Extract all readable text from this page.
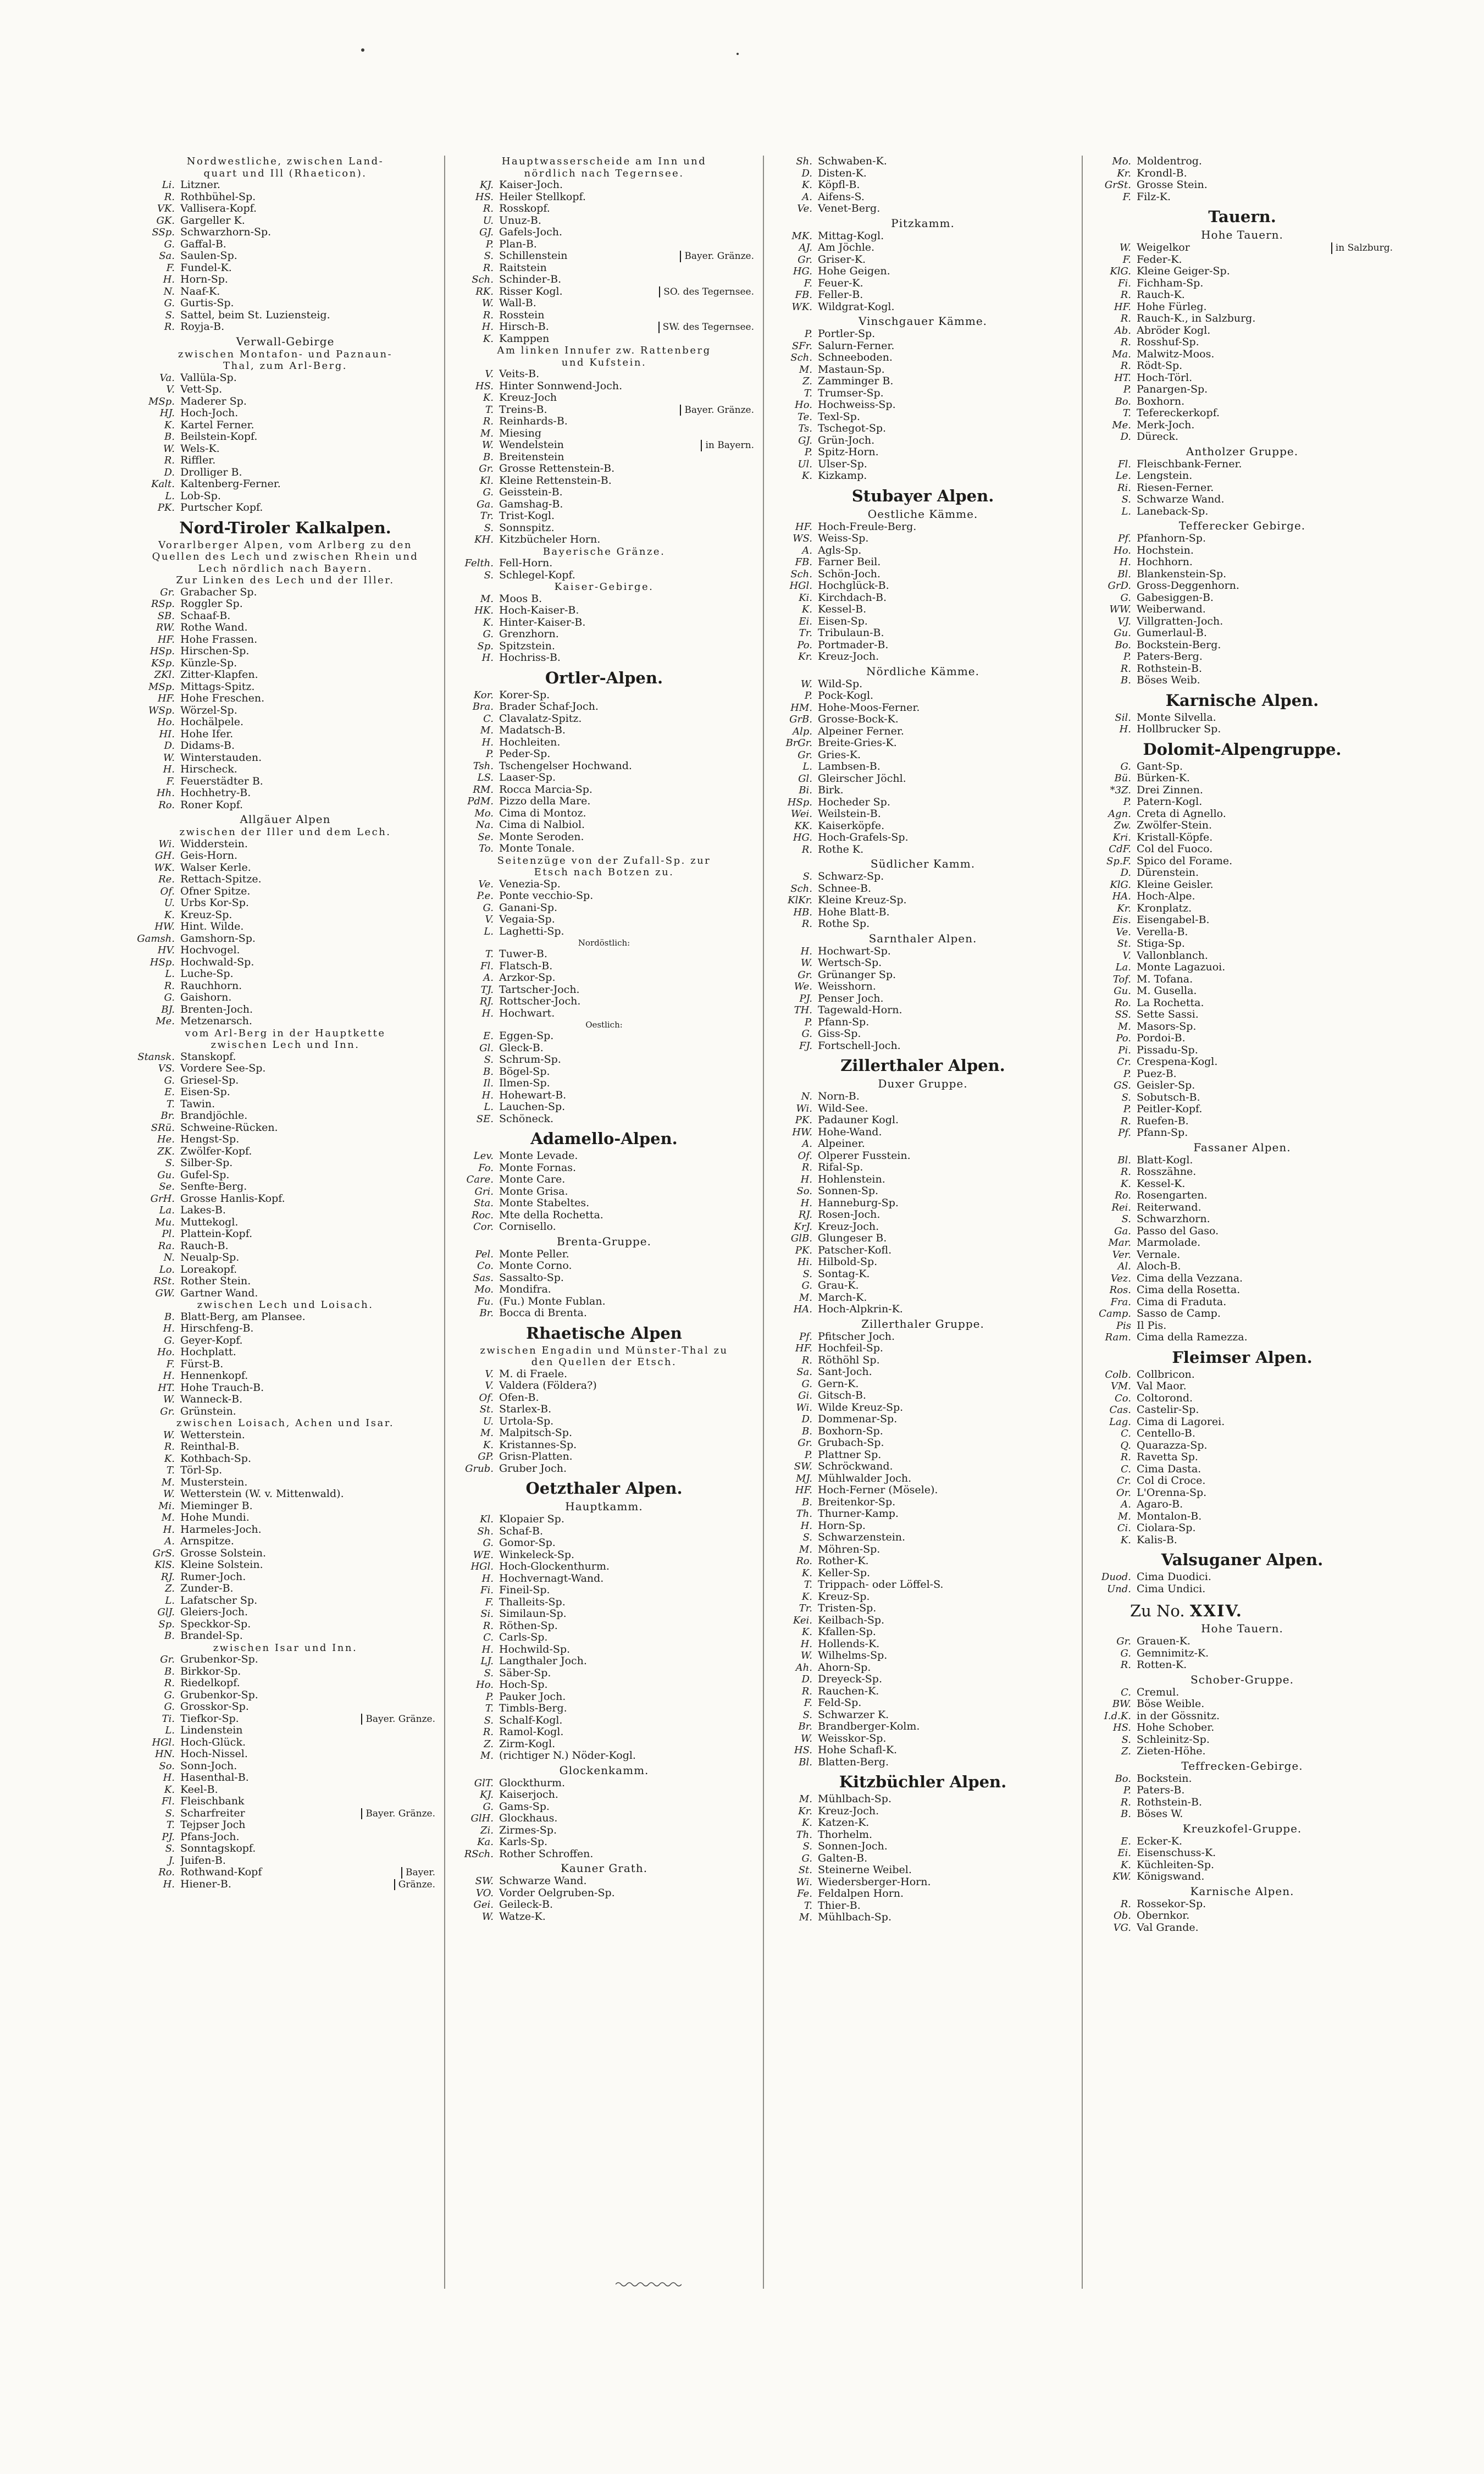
Nordwestliche, zwischen Land-
quart und Ill (Rhaeticon).
Li. Litzner.
R. Rothbühel-Sp.
VK. Vallisera-Kopf.
GK. Gargeller K.
SSp. Schwarzhorn-Sp.
G. Gaffal-B.
Sa. Saulen-Sp.
F. Fundel-K.
H. Horn-Sp.
N. Naaf-K.
G. Gurtis-Sp.
S. Sattel, beim St. Luziensteig.
R. Royja-B.
Verwall-Gebirge
zwischen Montafon- und Paznaun-
Thal, zum Arl-Berg.
Va. Vallüla-Sp.
V. Vett-Sp.
MSp. Maderer Sp.
HJ. Hoch-Joch.
K. Kartel Ferner.
B. Beilstein-Kopf.
W. Wels-K.
R. Riffler.
D. Drolliger B.
Kalt. Kaltenberg-Ferner.
L. Lob-Sp.
PK. Purtscher Kopf.
Nord-Tiroler Kalkalpen.
Vorarlberger Alpen, vom Arlberg zu den
Quellen des Lech und zwischen Rhein und
Lech nördlich nach Bayern.
Zur Linken des Lech und der Iller.
Gr. Grabacher Sp.
RSp. Roggler Sp.
SB. Schaaf-B.
RW. Rothe Wand.
HF. Hohe Frassen.
HSp. Hirschen-Sp.
KSp. Künzle-Sp.
ZKl. Zitter-Klapfen.
MSp. Mittags-Spitz.
HF. Hohe Freschen.
WSp. Wörzel-Sp.
Ho. Hochälpele.
HI. Hohe Ifer.
D. Didams-B.
W. Winterstauden.
H. Hirscheck.
F. Feuerstädter B.
Hh. Hochhetry-B.
Ro. Roner Kopf.
Allgäuer Alpen
zwischen der Iller und dem Lech.
Wi. Widderstein.
GH. Geis-Horn.
WK. Walser Kerle.
Re. Rettach-Spitze.
Of. Ofner Spitze.
U. Urbs Kor-Sp.
K. Kreuz-Sp.
HW. Hint. Wilde.
Gamsh. Gamshorn-Sp.
HV. Hochvogel.
HSp. Hochwald-Sp.
L. Luche-Sp.
R. Rauchhorn.
G. Gaishorn.
BJ. Brenten-Joch.
Me. Metzenarsch.
vom Arl-Berg in der Hauptkette
zwischen Lech und Inn.
Stansk. Stanskopf.
VS. Vordere See-Sp.
G. Griesel-Sp.
E. Eisen-Sp.
T. Tawin.
Br. Brandjöchle.
SRü. Schweine-Rücken.
He. Hengst-Sp.
ZK. Zwölfer-Kopf.
S. Silber-Sp.
Gu. Gufel-Sp.
Se. Senfte-Berg.
GrH. Grosse Hanlis-Kopf.
La. Lakes-B.
Mu. Muttekogl.
Pl. Plattein-Kopf.
Ra. Rauch-B.
N. Neualp-Sp.
Lo. Loreakopf.
RSt. Rother Stein.
GW. Gartner Wand.
zwischen Lech und Loisach.
B. Blatt-Berg, am Plansee.
H. Hirschfeng-B.
G. Geyer-Kopf.
Ho. Hochplatt.
F. Fürst-B.
H. Hennenkopf.
HT. Hohe Trauch-B.
W. Wanneck-B.
Gr. Grünstein.
zwischen Loisach, Achen und Isar.
W. Wetterstein.
R. Reinthal-B.
K. Kothbach-Sp.
T. Törl-Sp.
M. Musterstein.
W. Wetterstein (W. v. Mittenwald).
Mi. Mieminger B.
M. Hohe Mundi.
H. Harmeles-Joch.
A. Arnspitze.
GrS. Grosse Solstein.
KlS. Kleine Solstein.
RJ. Rumer-Joch.
Z. Zunder-B.
L. Lafatscher Sp.
GlJ. Gleiers-Joch.
Sp. Speckkor-Sp.
B. Brandel-Sp.
zwischen Isar und Inn.
Gr. Grubenkor-Sp.
B. Birkkor-Sp.
R. Riedelkopf.
G. Grubenkor-Sp.
G. Grosskor-Sp.
Ti. Tiefkor-Sp.	Bayer. Gränze.
L. Lindenstein
HGl. Hoch-Glück.
HN. Hoch-Nissel.
So. Sonn-Joch.
H. Hasenthal-B.
K. Keel-B.
Fl. Fleischbank
S. Scharfreiter	Bayer. Gränze.
T. Tejpser Joch
PJ. Pfans-Joch.
S. Sonntagskopf.
J. Juifen-B.
Ro. Rothwand-Kopf	Bayer.
H. Hiener-B.	Gränze.
Hauptwasserscheide am Inn und
nördlich nach Tegernsee.
KJ. Kaiser-Joch.
HS. Heiler Stellkopf.
R. Rosskopf.
U. Unuz-B.
GJ. Gafels-Joch.
P. Plan-B.
S. Schillenstein	Bayer. Gränze.
R. Raitstein
Sch. Schinder-B.
RK. Risser Kogl.	SO. des Tegernsee.
W. Wall-B.
R. Rosstein
H. Hirsch-B.	SW. des Tegernsee.
K. Kamppen
Am linken Innufer zw. Rattenberg
und Kufstein.
V. Veits-B.
HS. Hinter Sonnwend-Joch.
K. Kreuz-Joch
T. Treins-B.	Bayer. Gränze.
R. Reinhards-B.
M. Miesing
W. Wendelstein	in Bayern.
B. Breitenstein
Gr. Grosse Rettenstein-B.
Kl. Kleine Rettenstein-B.
G. Geisstein-B.
Ga. Gamshag-B.
Tr. Trist-Kogl.
S. Sonnspitz.
KH. Kitzbücheler Horn.
Bayerische Gränze.
Felth. Fell-Horn.
S. Schlegel-Kopf.
Kaiser-Gebirge.
M. Moos B.
HK. Hoch-Kaiser-B.
K. Hinter-Kaiser-B.
G. Grenzhorn.
Sp. Spitzstein.
H. Hochriss-B.
Ortler-Alpen.
Kor. Korer-Sp.
Bra. Brader Schaf-Joch.
C. Clavalatz-Spitz.
M. Madatsch-B.
H. Hochleiten.
P. Peder-Sp.
Tsh. Tschengelser Hochwand.
LS. Laaser-Sp.
RM. Rocca Marcia-Sp.
PdM. Pizzo della Mare.
Mo. Cima di Montoz.
Na. Cima di Nalbiol.
Se. Monte Seroden.
To. Monte Tonale.
Seitenzüge von der Zufall-Sp. zur
Etsch nach Botzen zu.
Ve. Venezia-Sp.
P.e. Ponte vecchio-Sp.
G. Ganani-Sp.
V. Vegaia-Sp.
L. Laghetti-Sp.
Nordöstlich:
T. Tuwer-B.
Fl. Flatsch-B.
A. Arzkor-Sp.
TJ. Tartscher-Joch.
RJ. Rottscher-Joch.
H. Hochwart.
Oestlich:
E. Eggen-Sp.
Gl. Gleck-B.
S. Schrum-Sp.
B. Bögel-Sp.
Il. Ilmen-Sp.
H. Hohewart-B.
L. Lauchen-Sp.
SE. Schöneck.
Adamello-Alpen.
Lev. Monte Levade.
Fo. Monte Fornas.
Care. Monte Care.
Gri. Monte Grisa.
Sta. Monte Stabeltes.
Roc. Mte della Rochetta.
Cor. Cornisello.
Brenta-Gruppe.
Pel. Monte Peller.
Co. Monte Corno.
Sas. Sassalto-Sp.
Mo. Mondifra.
Fu. (Fu.) Monte Fublan.
Br. Bocca di Brenta.
Rhaetische Alpen
zwischen Engadin und Münster-Thal zu
den Quellen der Etsch.
V. M. di Fraele.
V. Valdera (Földera?)
Of. Ofen-B.
St. Starlex-B.
U. Urtola-Sp.
M. Malpitsch-Sp.
K. Kristannes-Sp.
GP. Grisn-Platten.
Grub. Gruber Joch.
Oetzthaler Alpen.
Hauptkamm.
Kl. Klopaier Sp.
Sh. Schaf-B.
G. Gomor-Sp.
WE. Winkeleck-Sp.
HGl. Hoch-Glockenthurm.
H. Hochvernagt-Wand.
Fi. Fineil-Sp.
F. Thalleits-Sp.
Si. Similaun-Sp.
R. Röthen-Sp.
C. Carls-Sp.
H. Hochwild-Sp.
LJ. Langthaler Joch.
S. Säber-Sp.
Ho. Hoch-Sp.
P. Pauker Joch.
T. Timbls-Berg.
S. Schalf-Kogl.
R. Ramol-Kogl.
Z. Zirm-Kogl.
M. (richtiger N.) Nöder-Kogl.
Glockenkamm.
GlT. Glockthurm.
KJ. Kaiserjoch.
G. Gams-Sp.
GlH. Glockhaus.
Zi. Zirmes-Sp.
Ka. Karls-Sp.
RSch. Rother Schroffen.
Kauner Grath.
SW. Schwarze Wand.
VO. Vorder Oelgruben-Sp.
Gei. Geileck-B.
W. Watze-K.
Sh. Schwaben-K.
D. Disten-K.
K. Köpfl-B.
A. Aifens-S.
Ve. Venet-Berg.
Pitzkamm.
MK. Mittag-Kogl.
AJ. Am Jöchle.
Gr. Griser-K.
HG. Hohe Geigen.
F. Feuer-K.
FB. Feller-B.
WK. Wildgrat-Kogl.
Vinschgauer Kämme.
P. Portler-Sp.
SFr. Salurn-Ferner.
Sch. Schneeboden.
M. Mastaun-Sp.
Z. Zamminger B.
T. Trumser-Sp.
Ho. Hochweiss-Sp.
Te. Texl-Sp.
Ts. Tschegot-Sp.
GJ. Grün-Joch.
P. Spitz-Horn.
Ul. Ulser-Sp.
K. Kizkamp.
Stubayer Alpen.
Oestliche Kämme.
HF. Hoch-Freule-Berg.
WS. Weiss-Sp.
A. Agls-Sp.
FB. Farner Beil.
Sch. Schön-Joch.
HGl. Hochglück-B.
Ki. Kirchdach-B.
K. Kessel-B.
Ei. Eisen-Sp.
Tr. Tribulaun-B.
Po. Portmader-B.
Kr. Kreuz-Joch.
Nördliche Kämme.
W. Wild-Sp.
P. Pock-Kogl.
HM. Hohe-Moos-Ferner.
GrB. Grosse-Bock-K.
Alp. Alpeiner Ferner.
BrGr. Breite-Gries-K.
Gr. Gries-K.
L. Lambsen-B.
Gl. Gleirscher Jöchl.
Bi. Birk.
HSp. Hocheder Sp.
Wei. Weilstein-B.
KK. Kaiserköpfe.
HG. Hoch-Grafels-Sp.
R. Rothe K.
Südlicher Kamm.
S. Schwarz-Sp.
Sch. Schnee-B.
KlKr. Kleine Kreuz-Sp.
HB. Hohe Blatt-B.
R. Rothe Sp.
Sarnthaler Alpen.
H. Hochwart-Sp.
W. Wertsch-Sp.
Gr. Grünanger Sp.
We. Weisshorn.
PJ. Penser Joch.
TH. Tagewald-Horn.
P. Pfann-Sp.
G. Giss-Sp.
FJ. Fortschell-Joch.
Zillerthaler Alpen.
Duxer Gruppe.
N. Norn-B.
Wi. Wild-See.
PK. Padauner Kogl.
HW. Hohe-Wand.
A. Alpeiner.
Of. Olperer Fusstein.
R. Rifal-Sp.
H. Hohlenstein.
So. Sonnen-Sp.
H. Hanneburg-Sp.
RJ. Rosen-Joch.
KrJ. Kreuz-Joch.
GlB. Glungeser B.
PK. Patscher-Kofl.
Hi. Hilbold-Sp.
S. Sontag-K.
G. Grau-K.
M. March-K.
HA. Hoch-Alpkrin-K.
Zillerthaler Gruppe.
Pf. Pfitscher Joch.
HF. Hochfeil-Sp.
R. Röthöhl Sp.
Sa. Sant-Joch.
G. Gern-K.
Gi. Gitsch-B.
Wi. Wilde Kreuz-Sp.
D. Dommenar-Sp.
B. Boxhorn-Sp.
Gr. Grubach-Sp.
P. Plattner Sp.
SW. Schröckwand.
MJ. Mühlwalder Joch.
HF. Hoch-Ferner (Mösele).
B. Breitenkor-Sp.
Th. Thurner-Kamp.
H. Horn-Sp.
S. Schwarzenstein.
M. Möhren-Sp.
Ro. Rother-K.
K. Keller-Sp.
T. Trippach- oder Löffel-S.
K. Kreuz-Sp.
Tr. Tristen-Sp.
Kei. Keilbach-Sp.
K. Kfallen-Sp.
H. Hollends-K.
W. Wilhelms-Sp.
Ah. Ahorn-Sp.
D. Dreyeck-Sp.
R. Rauchen-K.
F. Feld-Sp.
S. Schwarzer K.
Br. Brandberger-Kolm.
W. Weisskor-Sp.
HS. Hohe Schafl-K.
Bl. Blatten-Berg.
Kitzbüchler Alpen.
M. Mühlbach-Sp.
Kr. Kreuz-Joch.
K. Katzen-K.
Th. Thorhelm.
S. Sonnen-Joch.
G. Galten-B.
St. Steinerne Weibel.
Wi. Wiedersberger-Horn.
Fe. Feldalpen Horn.
T. Thier-B.
M. Mühlbach-Sp.
Mo. Moldentrog.
Kr. Krondl-B.
GrSt. Grosse Stein.
F. Filz-K.
Tauern.
Hohe Tauern.
W. Weigelkor	in Salzburg.
F. Feder-K.
KlG. Kleine Geiger-Sp.
Fi. Fichham-Sp.
R. Rauch-K.
HF. Hohe Fürleg.
R. Rauch-K., in Salzburg.
Ab. Abröder Kogl.
R. Rosshuf-Sp.
Ma. Malwitz-Moos.
R. Rödt-Sp.
HT. Hoch-Törl.
P. Panargen-Sp.
Bo. Boxhorn.
T. Tefereckerkopf.
Me. Merk-Joch.
D. Düreck.
Antholzer Gruppe.
Fl. Fleischbank-Ferner.
Le. Lengstein.
Ri. Riesen-Ferner.
S. Schwarze Wand.
L. Laneback-Sp.
Tefferecker Gebirge.
Pf. Pfanhorn-Sp.
Ho. Hochstein.
H. Hochhorn.
Bl. Blankenstein-Sp.
GrD. Gross-Deggenhorn.
G. Gabesiggen-B.
WW. Weiberwand.
VJ. Villgratten-Joch.
Gu. Gumerlaul-B.
Bo. Bockstein-Berg.
P. Paters-Berg.
R. Rothstein-B.
B. Böses Weib.
Karnische Alpen.
Sil. Monte Silvella.
H. Hollbrucker Sp.
Dolomit-Alpengruppe.
G. Gant-Sp.
Bü. Bürken-K.
*3Z. Drei Zinnen.
P. Patern-Kogl.
Agn. Creta di Agnello.
Zw. Zwölfer-Stein.
Kri. Kristall-Köpfe.
CdF. Col del Fuoco.
Sp.F. Spico del Forame.
D. Dürenstein.
KlG. Kleine Geisler.
HA. Hoch-Alpe.
Kr. Kronplatz.
Eis. Eisengabel-B.
Ve. Verella-B.
St. Stiga-Sp.
V. Vallonblanch.
La. Monte Lagazuoi.
Tof. M. Tofana.
Gu. M. Gusella.
Ro. La Rochetta.
SS. Sette Sassi.
M. Masors-Sp.
Po. Pordoi-B.
Pi. Pissadu-Sp.
Cr. Crespena-Kogl.
P. Puez-B.
GS. Geisler-Sp.
S. Sobutsch-B.
P. Peitler-Kopf.
R. Ruefen-B.
Pf. Pfann-Sp.
Fassaner Alpen.
Bl. Blatt-Kogl.
R. Rosszähne.
K. Kessel-K.
Ro. Rosengarten.
Rei. Reiterwand.
S. Schwarzhorn.
Ga. Passo del Gaso.
Mar. Marmolade.
Ver. Vernale.
Al. Aloch-B.
Vez. Cima della Vezzana.
Ros. Cima della Rosetta.
Fra. Cima di Fraduta.
Camp. Sasso de Camp.
Pis Il Pis.
Ram. Cima della Ramezza.
Fleimser Alpen.
Colb. Collbricon.
VM. Val Maor.
Co. Coltorond.
Cas. Castelir-Sp.
Lag. Cima di Lagorei.
C. Centello-B.
Q. Quarazza-Sp.
R. Ravetta Sp.
C. Cima Dasta.
Cr. Col di Croce.
Or. L'Orenna-Sp.
A. Agaro-B.
M. Montalon-B.
Ci. Ciolara-Sp.
K. Kalis-B.
Valsuganer Alpen.
Duod. Cima Duodici.
Und. Cima Undici.
Zu No. XXIV.
Hohe Tauern.
Gr. Grauen-K.
G. Gemnimitz-K.
R. Rotten-K.
Schober-Gruppe.
C. Cremul.
BW. Böse Weible.
I.d.K. in der Gössnitz.
HS. Hohe Schober.
S. Schleinitz-Sp.
Z. Zieten-Höhe.
Teffrecken-Gebirge.
Bo. Bockstein.
P. Paters-B.
R. Rothstein-B.
B. Böses W.
Kreuzkofel-Gruppe.
E. Ecker-K.
Ei. Eisenschuss-K.
K. Küchleiten-Sp.
KW. Königswand.
Karnische Alpen.
R. Rossekor-Sp.
Ob. Obernkor.
VG. Val Grande.
